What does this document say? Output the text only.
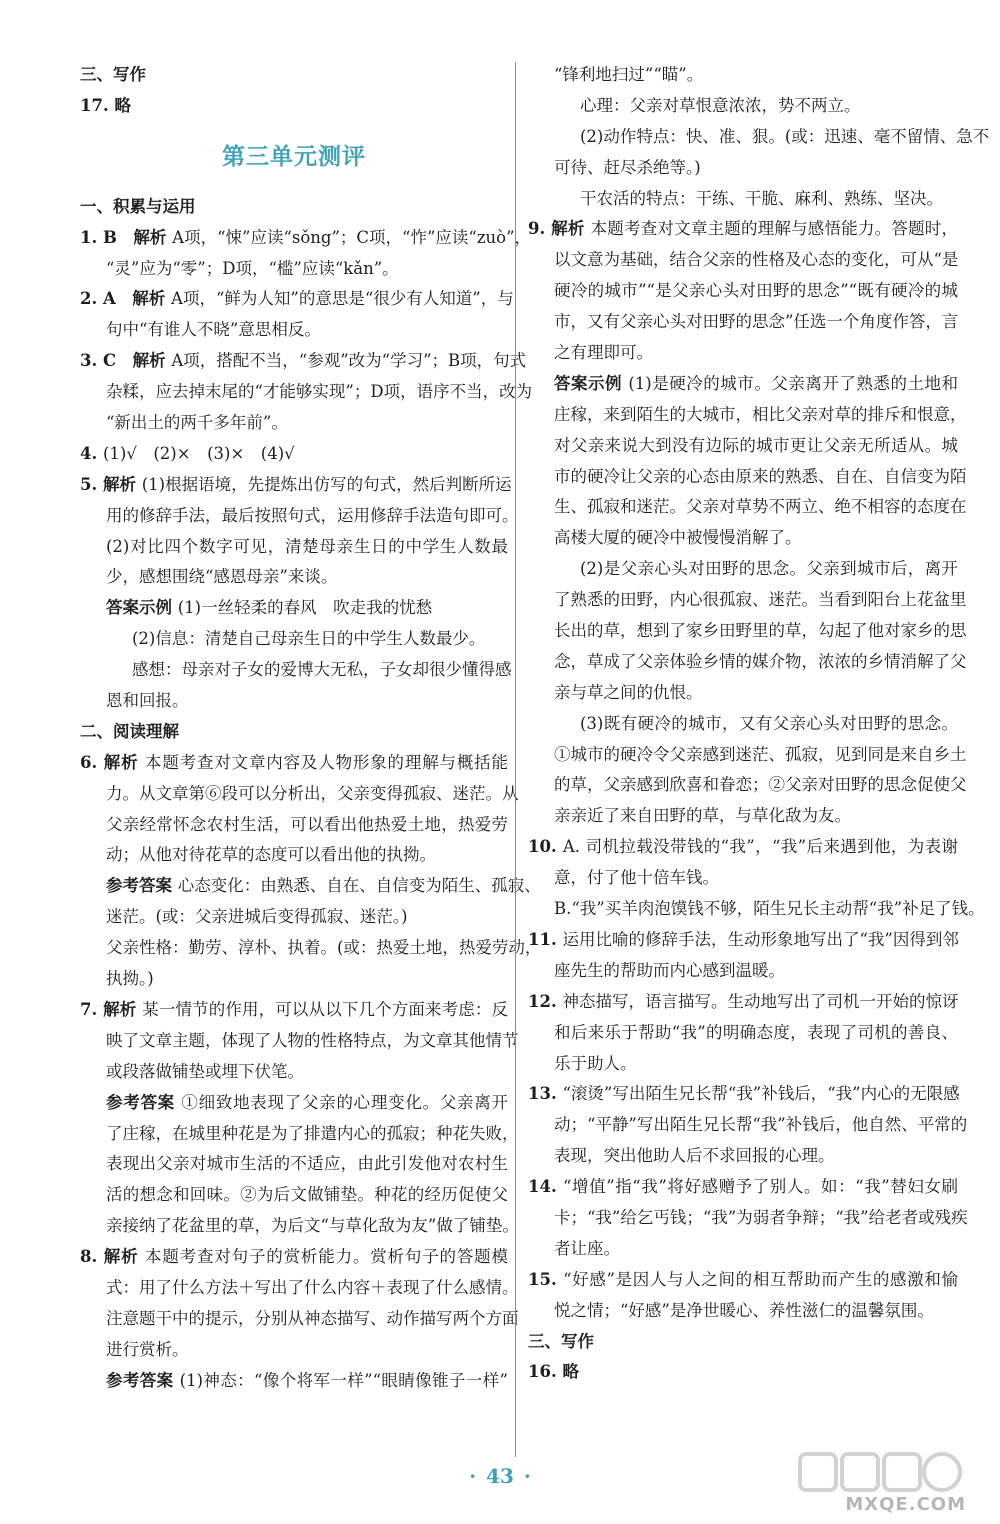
三、写作
17. 略
第三单元测评
一、积累与运用
1. B　解析 A项，“悚”应读“sǒng”；C项，“怍”应读“zuò”，
“灵”应为“零”；D项，“槛”应读“kǎn”。
2. A　解析 A项，“鲜为人知”的意思是“很少有人知道”，与
句中“有谁人不晓”意思相反。
3. C　解析 A项，搭配不当，“参观”改为“学习”；B项，句式
杂糅，应去掉末尾的“才能够实现”；D项，语序不当，改为
“新出土的两千多年前”。
4. (1)√　(2)×　(3)×　(4)√
5. 解析 (1)根据语境，先提炼出仿写的句式，然后判断所运
用的修辞手法，最后按照句式，运用修辞手法造句即可。
(2)对比四个数字可见，清楚母亲生日的中学生人数最
少，感想围绕“感恩母亲”来谈。
答案示例 (1)一丝轻柔的春风　吹走我的忧愁
(2)信息：清楚自己母亲生日的中学生人数最少。
感想：母亲对子女的爱博大无私，子女却很少懂得感
恩和回报。
二、阅读理解
6. 解析 本题考查对文章内容及人物形象的理解与概括能
力。从文章第⑥段可以分析出，父亲变得孤寂、迷茫。从
父亲经常怀念农村生活，可以看出他热爱土地，热爱劳
动；从他对待花草的态度可以看出他的执拗。
参考答案 心态变化：由熟悉、自在、自信变为陌生、孤寂、
迷茫。(或：父亲进城后变得孤寂、迷茫。)
父亲性格：勤劳、淳朴、执着。(或：热爱土地，热爱劳动，
执拗。)
7. 解析 某一情节的作用，可以从以下几个方面来考虑：反
映了文章主题，体现了人物的性格特点，为文章其他情节
或段落做铺垫或埋下伏笔。
参考答案 ①细致地表现了父亲的心理变化。父亲离开
了庄稼，在城里种花是为了排遣内心的孤寂；种花失败，
表现出父亲对城市生活的不适应，由此引发他对农村生
活的想念和回味。②为后文做铺垫。种花的经历促使父
亲接纳了花盆里的草，为后文“与草化敌为友”做了铺垫。
8. 解析 本题考查对句子的赏析能力。赏析句子的答题模
式：用了什么方法＋写出了什么内容＋表现了什么感情。
注意题干中的提示，分别从神态描写、动作描写两个方面
进行赏析。
参考答案 (1)神态：“像个将军一样”“眼睛像锥子一样”
“锋利地扫过”“瞄”。
心理：父亲对草恨意浓浓，势不两立。
(2)动作特点：快、准、狠。(或：迅速、毫不留情、急不
可待、赶尽杀绝等。)
干农活的特点：干练、干脆、麻利、熟练、坚决。
9. 解析 本题考查对文章主题的理解与感悟能力。答题时，
以文意为基础，结合父亲的性格及心态的变化，可从“是
硬冷的城市”“是父亲心头对田野的思念”“既有硬冷的城
市，又有父亲心头对田野的思念”任选一个角度作答，言
之有理即可。
答案示例 (1)是硬冷的城市。父亲离开了熟悉的土地和
庄稼，来到陌生的大城市，相比父亲对草的排斥和恨意，
对父亲来说大到没有边际的城市更让父亲无所适从。城
市的硬冷让父亲的心态由原来的熟悉、自在、自信变为陌
生、孤寂和迷茫。父亲对草势不两立、绝不相容的态度在
高楼大厦的硬冷中被慢慢消解了。
(2)是父亲心头对田野的思念。父亲到城市后，离开
了熟悉的田野，内心很孤寂、迷茫。当看到阳台上花盆里
长出的草，想到了家乡田野里的草，勾起了他对家乡的思
念，草成了父亲体验乡情的媒介物，浓浓的乡情消解了父
亲与草之间的仇恨。
(3)既有硬冷的城市，又有父亲心头对田野的思念。
①城市的硬冷令父亲感到迷茫、孤寂，见到同是来自乡土
的草，父亲感到欣喜和眷恋；②父亲对田野的思念促使父
亲亲近了来自田野的草，与草化敌为友。
10. A. 司机拉载没带钱的“我”，“我”后来遇到他，为表谢
意，付了他十倍车钱。
B.“我”买羊肉泡馍钱不够，陌生兄长主动帮“我”补足了钱。
11. 运用比喻的修辞手法，生动形象地写出了“我”因得到邻
座先生的帮助而内心感到温暖。
12. 神态描写，语言描写。生动地写出了司机一开始的惊讶
和后来乐于帮助“我”的明确态度，表现了司机的善良、
乐于助人。
13. “滚烫”写出陌生兄长帮“我”补钱后，“我”内心的无限感
动；“平静”写出陌生兄长帮“我”补钱后，他自然、平常的
表现，突出他助人后不求回报的心理。
14. “增值”指“我”将好感赠予了别人。如：“我”替妇女刷
卡；“我”给乞丐钱；“我”为弱者争辩；“我”给老者或残疾
者让座。
15. “好感”是因人与人之间的相互帮助而产生的感激和愉
悦之情；“好感”是净世暖心、养性滋仁的温馨氛围。
三、写作
16. 略
· 43 ·
MXQE.COM
